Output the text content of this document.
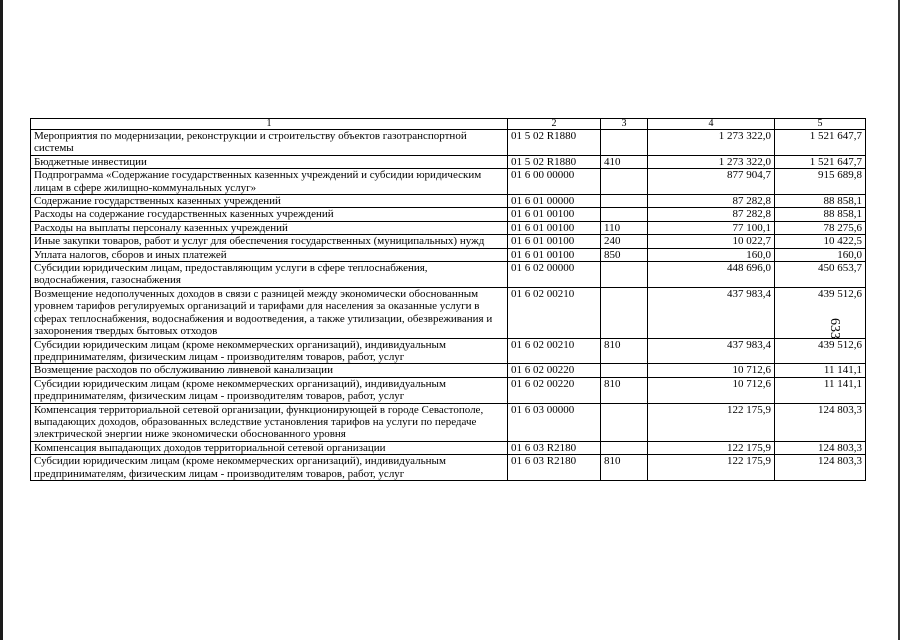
633
1	2	3	4	5
Мероприятия по модернизации, реконструкции и строительству объектов газотранспортной системы	01 5 02 R1880		1 273 322,0	1 521 647,7
Бюджетные инвестиции	01 5 02 R1880	410	1 273 322,0	1 521 647,7
Подпрограмма «Содержание государственных казенных учреждений и субсидии юридическим лицам в сфере жилищно-коммунальных услуг»	01 6 00 00000		877 904,7	915 689,8
Содержание государственных казенных учреждений	01 6 01 00000		87 282,8	88 858,1
Расходы на содержание государственных казенных учреждений	01 6 01 00100		87 282,8	88 858,1
Расходы на выплаты персоналу казенных учреждений	01 6 01 00100	110	77 100,1	78 275,6
Иные закупки товаров, работ и услуг для обеспечения государственных (муниципальных) нужд	01 6 01 00100	240	10 022,7	10 422,5
Уплата налогов, сборов и иных платежей	01 6 01 00100	850	160,0	160,0
Субсидии юридическим лицам, предоставляющим услуги в сфере теплоснабжения, водоснабжения, газоснабжения	01 6 02 00000		448 696,0	450 653,7
Возмещение недополученных доходов в связи с разницей между экономически обоснованным уровнем тарифов регулируемых организаций и тарифами для населения за оказанные услуги в сферах теплоснабжения, водоснабжения и водоотведения, а также утилизации, обезвреживания и захоронения твердых бытовых отходов	01 6 02 00210		437 983,4	439 512,6
Субсидии юридическим лицам (кроме некоммерческих организаций), индивидуальным предпринимателям, физическим лицам - производителям товаров, работ, услуг	01 6 02 00210	810	437 983,4	439 512,6
Возмещение расходов по обслуживанию ливневой канализации	01 6 02 00220		10 712,6	11 141,1
Субсидии юридическим лицам (кроме некоммерческих организаций), индивидуальным предпринимателям, физическим лицам - производителям товаров, работ, услуг	01 6 02 00220	810	10 712,6	11 141,1
Компенсация территориальной сетевой организации, функционирующей в городе Севастополе, выпадающих доходов, образованных вследствие установления тарифов на услуги по передаче электрической энергии ниже экономически обоснованного уровня	01 6 03 00000		122 175,9	124 803,3
Компенсация выпадающих доходов территориальной сетевой организации	01 6 03 R2180		122 175,9	124 803,3
Субсидии юридическим лицам (кроме некоммерческих организаций), индивидуальным предпринимателям, физическим лицам - производителям товаров, работ, услуг	01 6 03 R2180	810	122 175,9	124 803,3
